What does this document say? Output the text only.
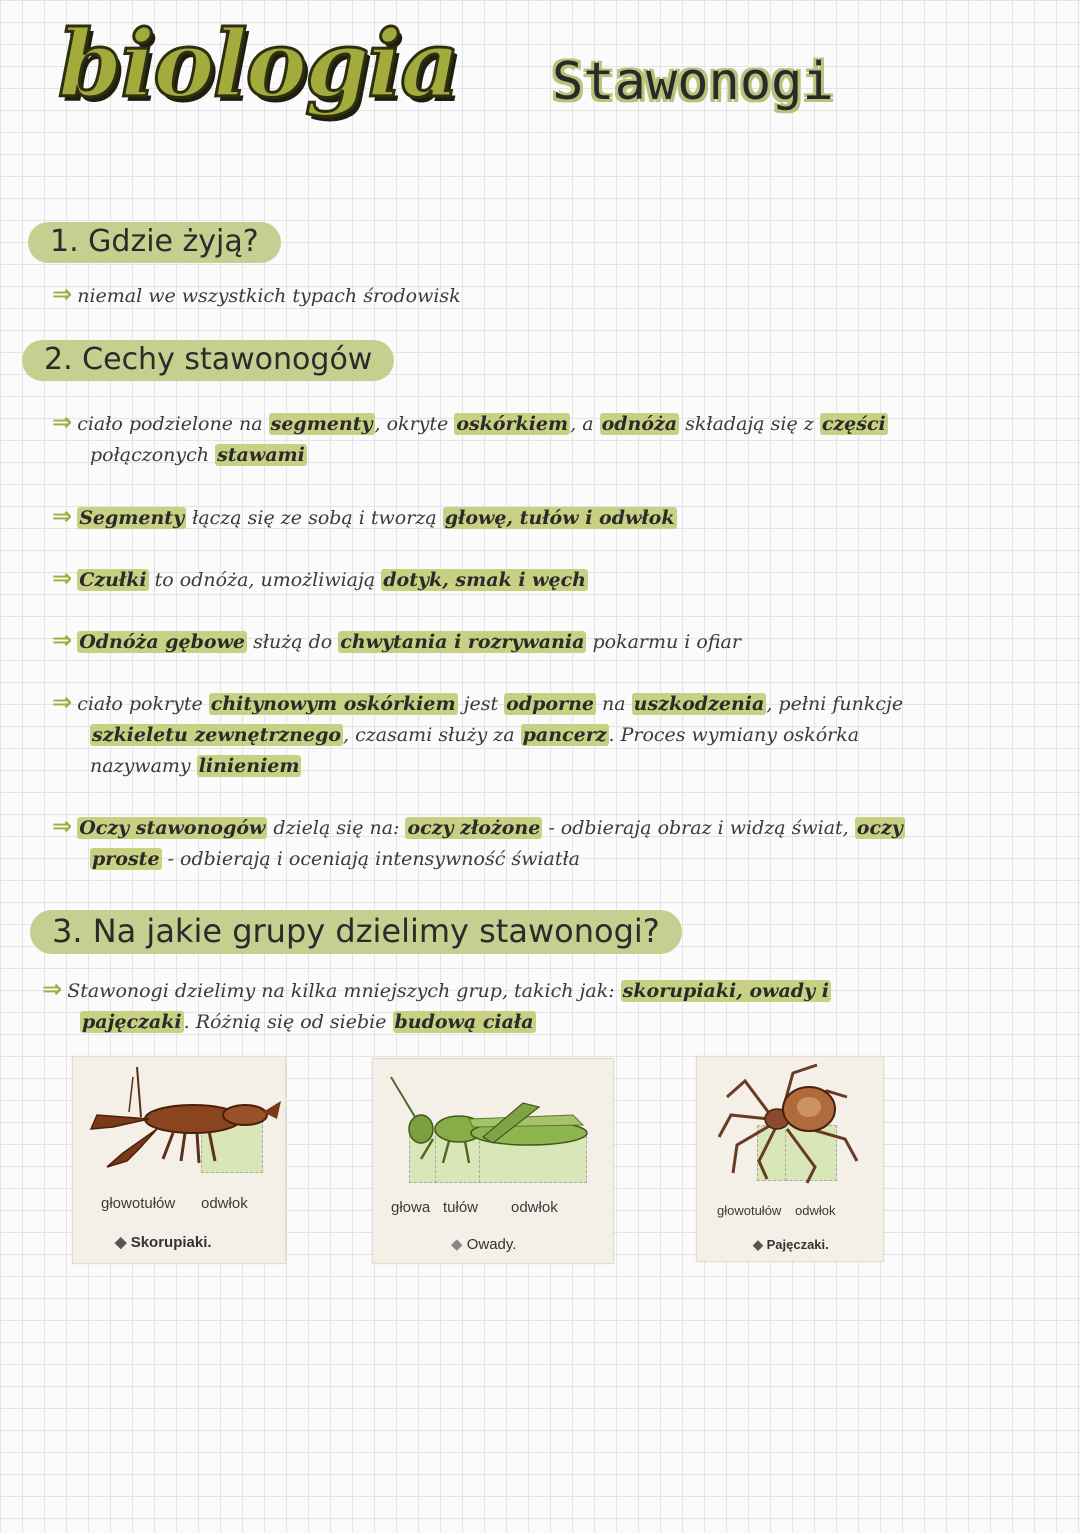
biologia Stawonogi
1. Gdzie żyją?
⇒ niemal we wszystkich typach środowisk
2. Cechy stawonogów
⇒ ciało podzielone na segmenty , okryte oskórkiem , a odnóża składają się z części
połączonych stawami
⇒ Segmenty łączą się ze sobą i tworzą głowę, tułów i odwłok
⇒ Czułki to odnóża, umożliwiają dotyk, smak i węch
⇒ Odnóża gębowe służą do chwytania i rozrywania pokarmu i ofiar
⇒ ciało pokryte chitynowym oskórkiem jest odporne na uszkodzenia , pełni funkcje
szkieletu zewnętrznego , czasami służy za pancerz . Proces wymiany oskórka
nazywamy linieniem
⇒ Oczy stawonogów dzielą się na: oczy złożone - odbierają obraz i widzą świat, oczy
proste - odbierają i oceniają intensywność światła
3. Na jakie grupy dzielimy stawonogi?
⇒ Stawonogi dzielimy na kilka mniejszych grup, takich jak: skorupiaki, owady i
pajęczaki . Różnią się od siebie budową ciała
głowotułów odwłok
◆ Skorupiaki.
głowa tułów odwłok
◆ Owady.
głowotułów odwłok
◆ Pajęczaki.
